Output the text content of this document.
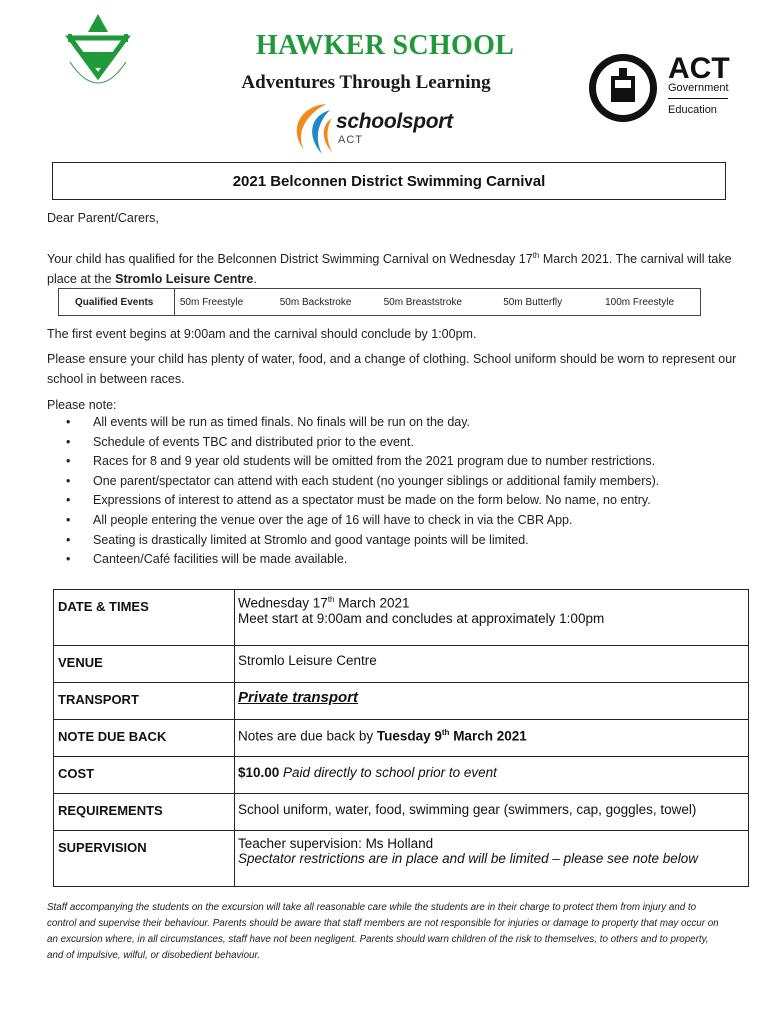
HAWKER SCHOOL
Adventures Through Learning
schoolsport
ACT
ACT
Government
Education
2021 Belconnen District Swimming Carnival
Dear Parent/Carers,
Your child has qualified for the Belconnen District Swimming Carnival on Wednesday 17th March 2021. The carnival will take place at the Stromlo Leisure Centre.
Qualified Events	50m Freestyle	50m Backstroke	50m Breaststroke	50m Butterfly	100m Freestyle
The first event begins at 9:00am and the carnival should conclude by 1:00pm.
Please ensure your child has plenty of water, food, and a change of clothing. School uniform should be worn to represent our school in between races.
Please note:
• All events will be run as timed finals. No finals will be run on the day.
• Schedule of events TBC and distributed prior to the event.
• Races for 8 and 9 year old students will be omitted from the 2021 program due to number restrictions.
• One parent/spectator can attend with each student (no younger siblings or additional family members).
• Expressions of interest to attend as a spectator must be made on the form below. No name, no entry.
• All people entering the venue over the age of 16 will have to check in via the CBR App.
• Seating is drastically limited at Stromlo and good vantage points will be limited.
• Canteen/Café facilities will be made available.
DATE & TIMES	Wednesday 17th March 2021
Meet start at 9:00am and concludes at approximately 1:00pm
VENUE	Stromlo Leisure Centre
TRANSPORT	Private transport
NOTE DUE BACK	Notes are due back by Tuesday 9th March 2021
COST	$10.00 Paid directly to school prior to event
REQUIREMENTS	School uniform, water, food, swimming gear (swimmers, cap, goggles, towel)
SUPERVISION	Teacher supervision: Ms Holland
Spectator restrictions are in place and will be limited – please see note below
Staff accompanying the students on the excursion will take all reasonable care while the students are in their charge to protect them from injury and to control and supervise their behaviour. Parents should be aware that staff members are not responsible for injuries or damage to property that may occur on an excursion where, in all circumstances, staff have not been negligent. Parents should warn children of the risk to themselves, to others and to property, and of impulsive, wilful, or disobedient behaviour.
